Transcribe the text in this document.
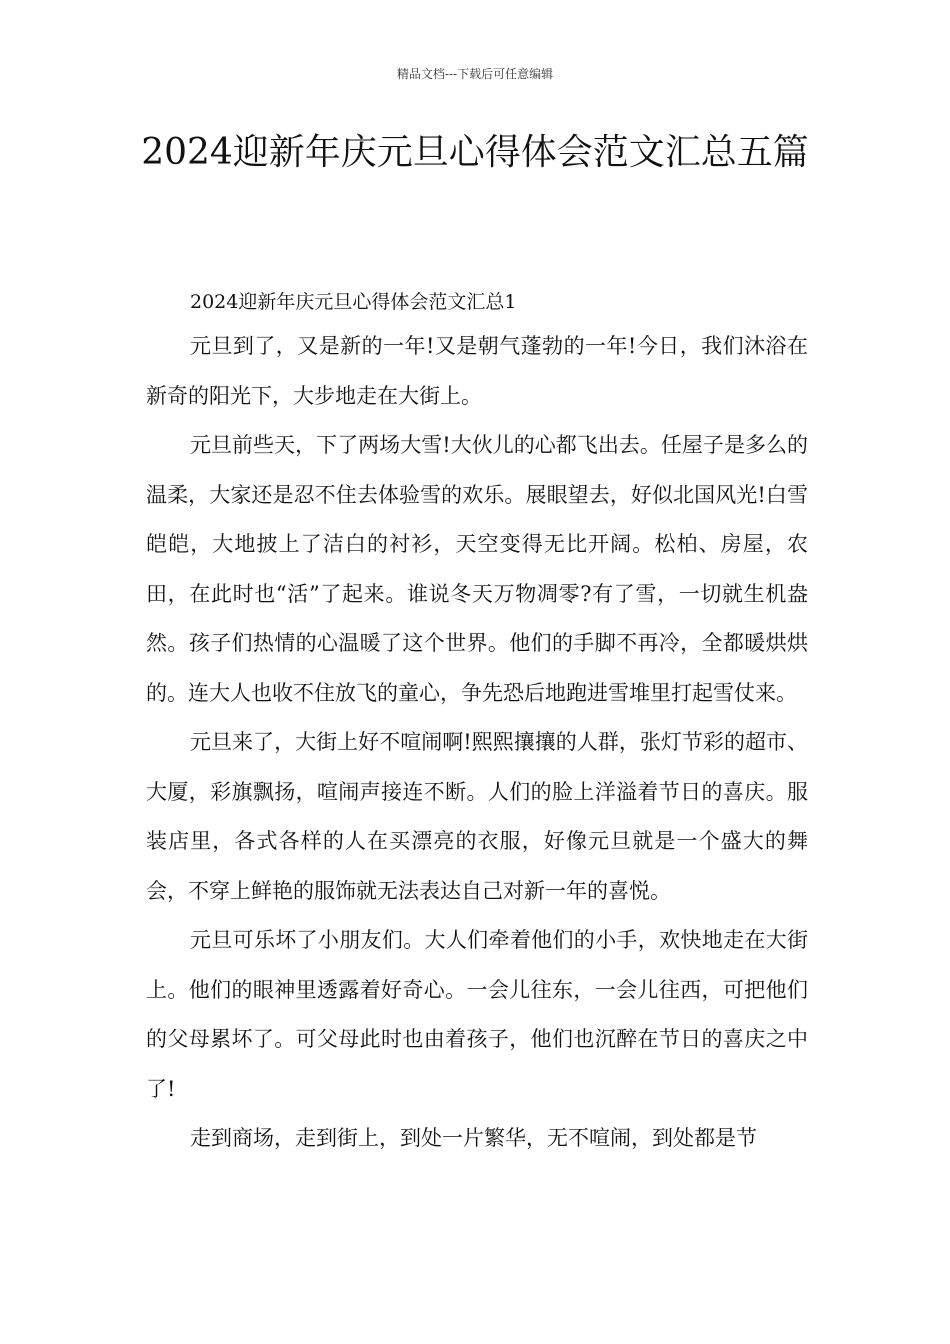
精品文档---下载后可任意编辑
2024迎新年庆元旦心得体会范文汇总五篇

2024迎新年庆元旦心得体会范文汇总1

元旦到了，又是新的一年!又是朝气蓬勃的一年!今日，我们沐浴在新奇的阳光下，大步地走在大街上。

元旦前些天，下了两场大雪!大伙儿的心都飞出去。任屋子是多么的温柔，大家还是忍不住去体验雪的欢乐。展眼望去，好似北国风光!白雪皑皑，大地披上了洁白的衬衫，天空变得无比开阔。松柏、房屋，农田，在此时也“活”了起来。谁说冬天万物凋零?有了雪，一切就生机盎然。孩子们热情的心温暖了这个世界。他们的手脚不再冷，全都暖烘烘的。连大人也收不住放飞的童心，争先恐后地跑进雪堆里打起雪仗来。

元旦来了，大街上好不喧闹啊!熙熙攘攘的人群，张灯节彩的超市、大厦，彩旗飘扬，喧闹声接连不断。人们的脸上洋溢着节日的喜庆。服装店里，各式各样的人在买漂亮的衣服，好像元旦就是一个盛大的舞会，不穿上鲜艳的服饰就无法表达自己对新一年的喜悦。

元旦可乐坏了小朋友们。大人们牵着他们的小手，欢快地走在大街上。他们的眼神里透露着好奇心。一会儿往东，一会儿往西，可把他们的父母累坏了。可父母此时也由着孩子，他们也沉醉在节日的喜庆之中了!

走到商场，走到街上，到处一片繁华，无不喧闹，到处都是节
